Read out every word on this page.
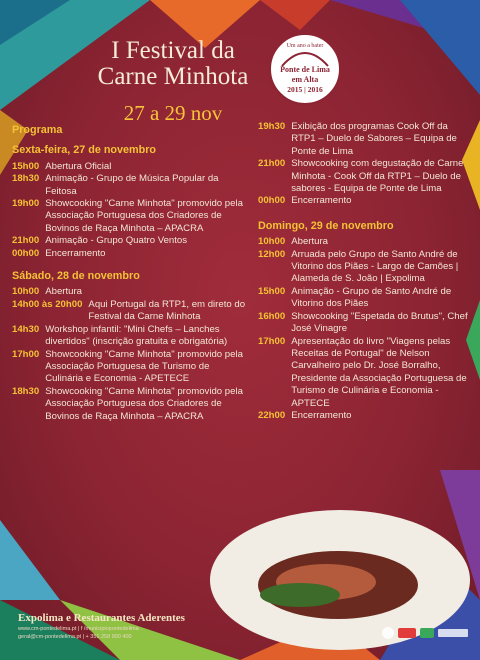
I Festival da
Carne Minhota
27 a 29 nov
Um ano a bater
Ponte de Lima
em Alta
2015 | 2016
Programa
Sexta-feira, 27 de novembro
15h00 Abertura Oficial
18h30 Animação - Grupo de Música Popular da Feitosa
19h00 Showcooking "Carne Minhota" promovido pela Associação Portuguesa dos Criadores de Bovinos de Raça Minhota – APACRA
21h00 Animação - Grupo Quatro Ventos
00h00 Encerramento
Sábado, 28 de novembro
10h00 Abertura
14h00 às 20h00 Aqui Portugal da RTP1, em direto do Festival da Carne Minhota
14h30 Workshop infantil: "Mini Chefs – Lanches divertidos" (inscrição gratuita e obrigatória)
17h00 Showcooking "Carne Minhota" promovido pela Associação Portuguesa de Turismo de Culinária e Economia - APETECE
18h30 Showcooking "Carne Minhota" promovido pela Associação Portuguesa dos Criadores de Bovinos de Raça Minhota – APACRA
19h30 Exibição dos programas Cook Off da RTP1 – Duelo de Sabores – Equipa de Ponte de Lima
21h00 Showcooking com degustação de Carne Minhota - Cook Off da RTP1 – Duelo de sabores - Equipa de Ponte de Lima
00h00 Encerramento
Domingo, 29 de novembro
10h00 Abertura
12h00 Arruada pelo Grupo de Santo André de Vitorino dos Piães - Largo de Camões | Alameda de S. João | Expolima
15h00 Animação - Grupo de Santo André de Vitorino dos Piães
16h00 Showcooking "Espetada do Brutus", Chef José Vinagre
17h00 Apresentação do livro "Viagens pelas Receitas de Portugal" de Nelson Carvalheiro pelo Dr. José Borralho, Presidente da Associação Portuguesa de Turismo de Culinária e Economia - APTECE
22h00 Encerramento
Expolima e Restaurantes Aderentes
www.cm-pontedelima.pt | f /municipiopontedelima
geral@cm-pontedelima.pt | + 351 258 900 400
